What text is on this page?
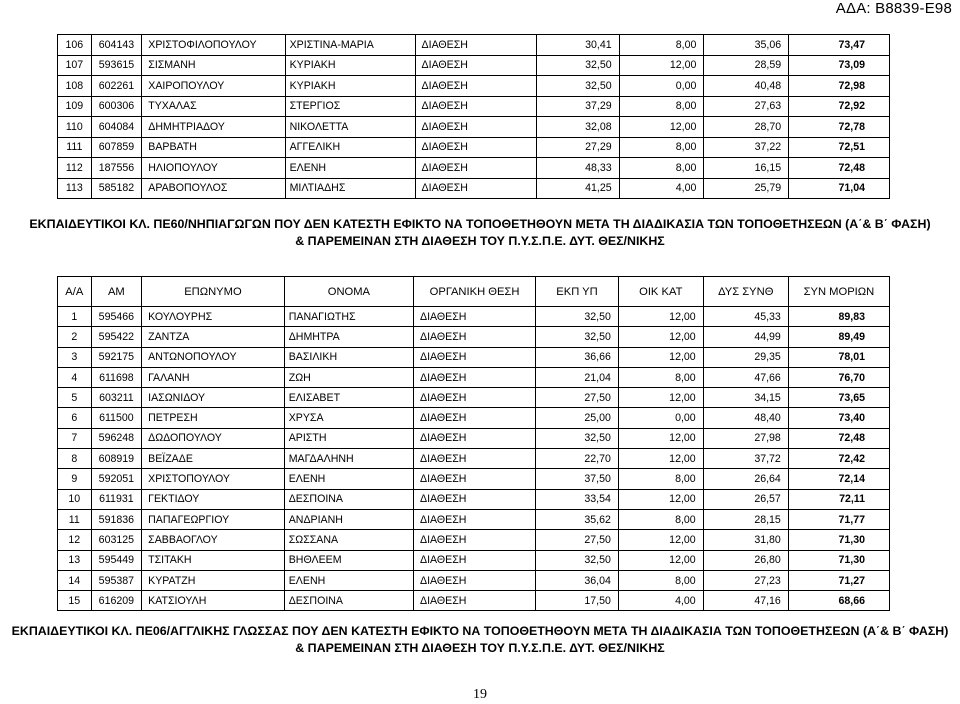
ΑΔΑ: Β8839-Ε98
106	604143	ΧΡΙΣΤΟΦΙΛΟΠΟΥΛΟΥ	ΧΡΙΣΤΙΝΑ-ΜΑΡΙΑ	ΔΙΑΘΕΣΗ	30,41	8,00	35,06	73,47
107	593615	ΣΙΣΜΑΝΗ	ΚΥΡΙΑΚΗ	ΔΙΑΘΕΣΗ	32,50	12,00	28,59	73,09
108	602261	ΧΑΙΡΟΠΟΥΛΟΥ	ΚΥΡΙΑΚΗ	ΔΙΑΘΕΣΗ	32,50	0,00	40,48	72,98
109	600306	ΤΥΧΑΛΑΣ	ΣΤΕΡΓΙΟΣ	ΔΙΑΘΕΣΗ	37,29	8,00	27,63	72,92
110	604084	ΔΗΜΗΤΡΙΑΔΟΥ	ΝΙΚΟΛΕΤΤΑ	ΔΙΑΘΕΣΗ	32,08	12,00	28,70	72,78
111	607859	ΒΑΡΒΑΤΗ	ΑΓΓΕΛΙΚΗ	ΔΙΑΘΕΣΗ	27,29	8,00	37,22	72,51
112	187556	ΗΛΙΟΠΟΥΛΟΥ	ΕΛΕΝΗ	ΔΙΑΘΕΣΗ	48,33	8,00	16,15	72,48
113	585182	ΑΡΑΒΟΠΟΥΛΟΣ	ΜΙΛΤΙΑΔΗΣ	ΔΙΑΘΕΣΗ	41,25	4,00	25,79	71,04
ΕΚΠΑΙΔΕΥΤΙΚΟΙ ΚΛ. ΠΕ60/ΝΗΠΙΑΓΩΓΩΝ ΠΟΥ ΔΕΝ ΚΑΤΕΣΤΗ ΕΦΙΚΤΟ ΝΑ ΤΟΠΟΘΕΤΗΘΟΥΝ ΜΕΤΑ ΤΗ ΔΙΑΔΙΚΑΣΙΑ ΤΩΝ ΤΟΠΟΘΕΤΗΣΕΩΝ (Α΄& Β΄ ΦΑΣΗ)
& ΠΑΡΕΜΕΙΝΑΝ ΣΤΗ ΔΙΑΘΕΣΗ ΤΟΥ Π.Υ.Σ.Π.Ε. ΔΥΤ. ΘΕΣ/ΝΙΚΗΣ
Α/Α	ΑΜ	ΕΠΩΝΥΜΟ	ΟΝΟΜΑ	ΟΡΓΑΝΙΚΗ ΘΕΣΗ	ΕΚΠ ΥΠ	ΟΙΚ ΚΑΤ	ΔΥΣ ΣΥΝΘ	ΣΥΝ ΜΟΡΙΩΝ
1	595466	ΚΟΥΛΟΥΡΗΣ	ΠΑΝΑΓΙΩΤΗΣ	ΔΙΑΘΕΣΗ	32,50	12,00	45,33	89,83
2	595422	ΖΑΝΤΖΑ	ΔΗΜΗΤΡΑ	ΔΙΑΘΕΣΗ	32,50	12,00	44,99	89,49
3	592175	ΑΝΤΩΝΟΠΟΥΛΟΥ	ΒΑΣΙΛΙΚΗ	ΔΙΑΘΕΣΗ	36,66	12,00	29,35	78,01
4	611698	ΓΑΛΑΝΗ	ΖΩΗ	ΔΙΑΘΕΣΗ	21,04	8,00	47,66	76,70
5	603211	ΙΑΣΩΝΙΔΟΥ	ΕΛΙΣΑΒΕΤ	ΔΙΑΘΕΣΗ	27,50	12,00	34,15	73,65
6	611500	ΠΕΤΡΕΣΗ	ΧΡΥΣΑ	ΔΙΑΘΕΣΗ	25,00	0,00	48,40	73,40
7	596248	ΔΩΔΟΠΟΥΛΟΥ	ΑΡΙΣΤΗ	ΔΙΑΘΕΣΗ	32,50	12,00	27,98	72,48
8	608919	ΒΕΪΖΑΔΕ	ΜΑΓΔΑΛΗΝΗ	ΔΙΑΘΕΣΗ	22,70	12,00	37,72	72,42
9	592051	ΧΡΙΣΤΟΠΟΥΛΟΥ	ΕΛΕΝΗ	ΔΙΑΘΕΣΗ	37,50	8,00	26,64	72,14
10	611931	ΓΕΚΤΙΔΟΥ	ΔΕΣΠΟΙΝΑ	ΔΙΑΘΕΣΗ	33,54	12,00	26,57	72,11
11	591836	ΠΑΠΑΓΕΩΡΓΙΟΥ	ΑΝΔΡΙΑΝΗ	ΔΙΑΘΕΣΗ	35,62	8,00	28,15	71,77
12	603125	ΣΑΒΒΑΟΓΛΟΥ	ΣΩΣΣΑΝΑ	ΔΙΑΘΕΣΗ	27,50	12,00	31,80	71,30
13	595449	ΤΣΙΤΑΚΗ	ΒΗΘΛΕΕΜ	ΔΙΑΘΕΣΗ	32,50	12,00	26,80	71,30
14	595387	ΚΥΡΑΤΖΗ	ΕΛΕΝΗ	ΔΙΑΘΕΣΗ	36,04	8,00	27,23	71,27
15	616209	ΚΑΤΣΙΟΥΛΗ	ΔΕΣΠΟΙΝΑ	ΔΙΑΘΕΣΗ	17,50	4,00	47,16	68,66
ΕΚΠΑΙΔΕΥΤΙΚΟΙ ΚΛ. ΠΕ06/ΑΓΓΛΙΚΗΣ ΓΛΩΣΣΑΣ ΠΟΥ ΔΕΝ ΚΑΤΕΣΤΗ ΕΦΙΚΤΟ ΝΑ ΤΟΠΟΘΕΤΗΘΟΥΝ ΜΕΤΑ ΤΗ ΔΙΑΔΙΚΑΣΙΑ ΤΩΝ ΤΟΠΟΘΕΤΗΣΕΩΝ (Α΄& Β΄ ΦΑΣΗ)
& ΠΑΡΕΜΕΙΝΑΝ ΣΤΗ ΔΙΑΘΕΣΗ ΤΟΥ Π.Υ.Σ.Π.Ε. ΔΥΤ. ΘΕΣ/ΝΙΚΗΣ
19
